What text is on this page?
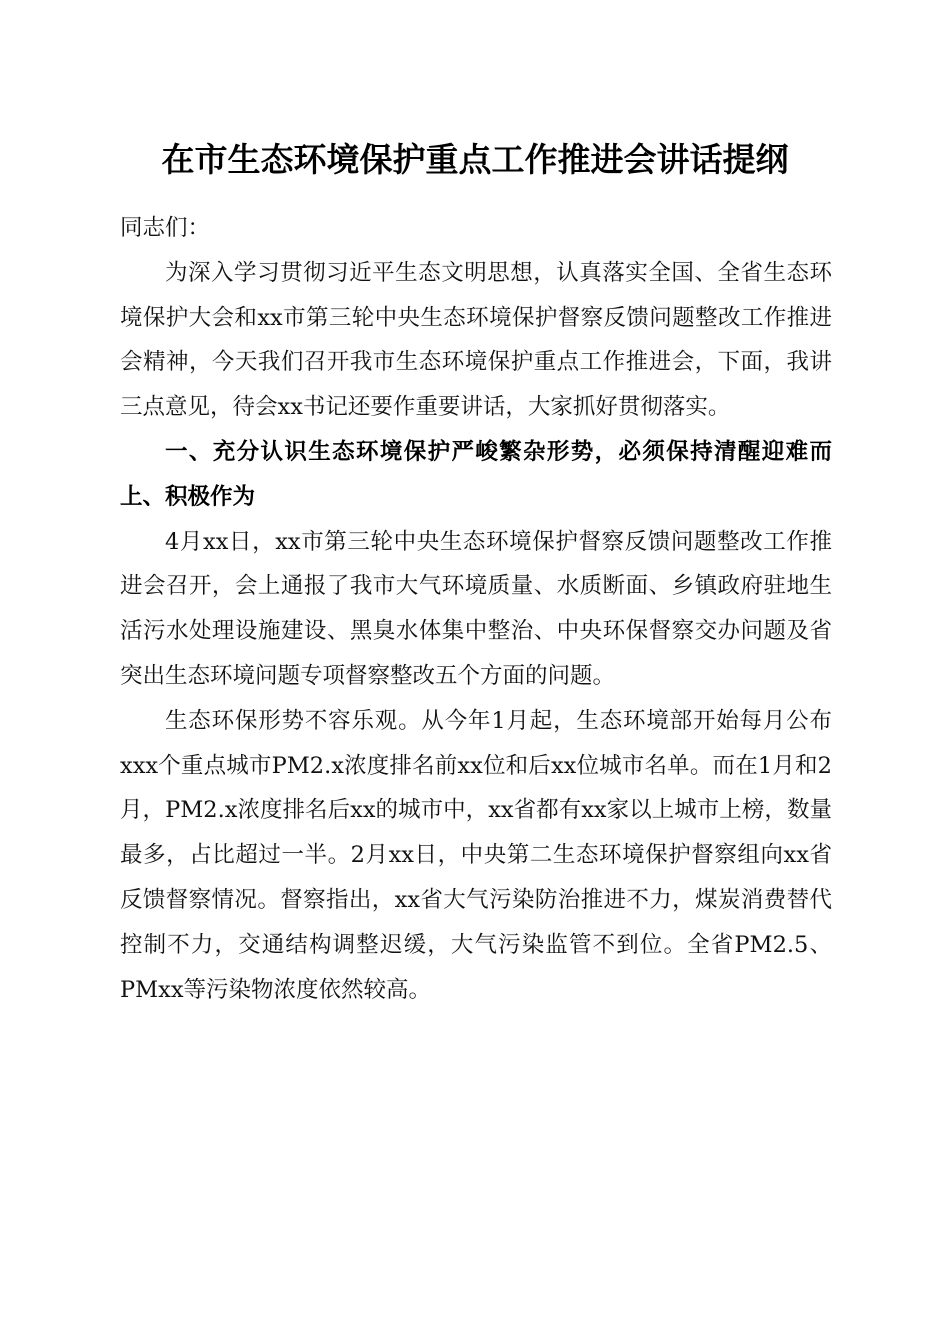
在市生态环境保护重点工作推进会讲话提纲

同志们：

为深入学习贯彻习近平生态文明思想，认真落实全国、全省生态环境保护大会和xx市第三轮中央生态环境保护督察反馈问题整改工作推进会精神，今天我们召开我市生态环境保护重点工作推进会，下面，我讲三点意见，待会xx书记还要作重要讲话，大家抓好贯彻落实。

一、充分认识生态环境保护严峻繁杂形势，必须保持清醒迎难而上、积极作为

4月xx日，xx市第三轮中央生态环境保护督察反馈问题整改工作推进会召开，会上通报了我市大气环境质量、水质断面、乡镇政府驻地生活污水处理设施建设、黑臭水体集中整治、中央环保督察交办问题及省突出生态环境问题专项督察整改五个方面的问题。

生态环保形势不容乐观。从今年1月起，生态环境部开始每月公布xxx个重点城市PM2.x浓度排名前xx位和后xx位城市名单。而在1月和2月，PM2.x浓度排名后xx的城市中，xx省都有xx家以上城市上榜，数量最多，占比超过一半。2月xx日，中央第二生态环境保护督察组向xx省反馈督察情况。督察指出，xx省大气污染防治推进不力，煤炭消费替代控制不力，交通结构调整迟缓，大气污染监管不到位。全省PM2.5、PMxx等污染物浓度依然较高。
